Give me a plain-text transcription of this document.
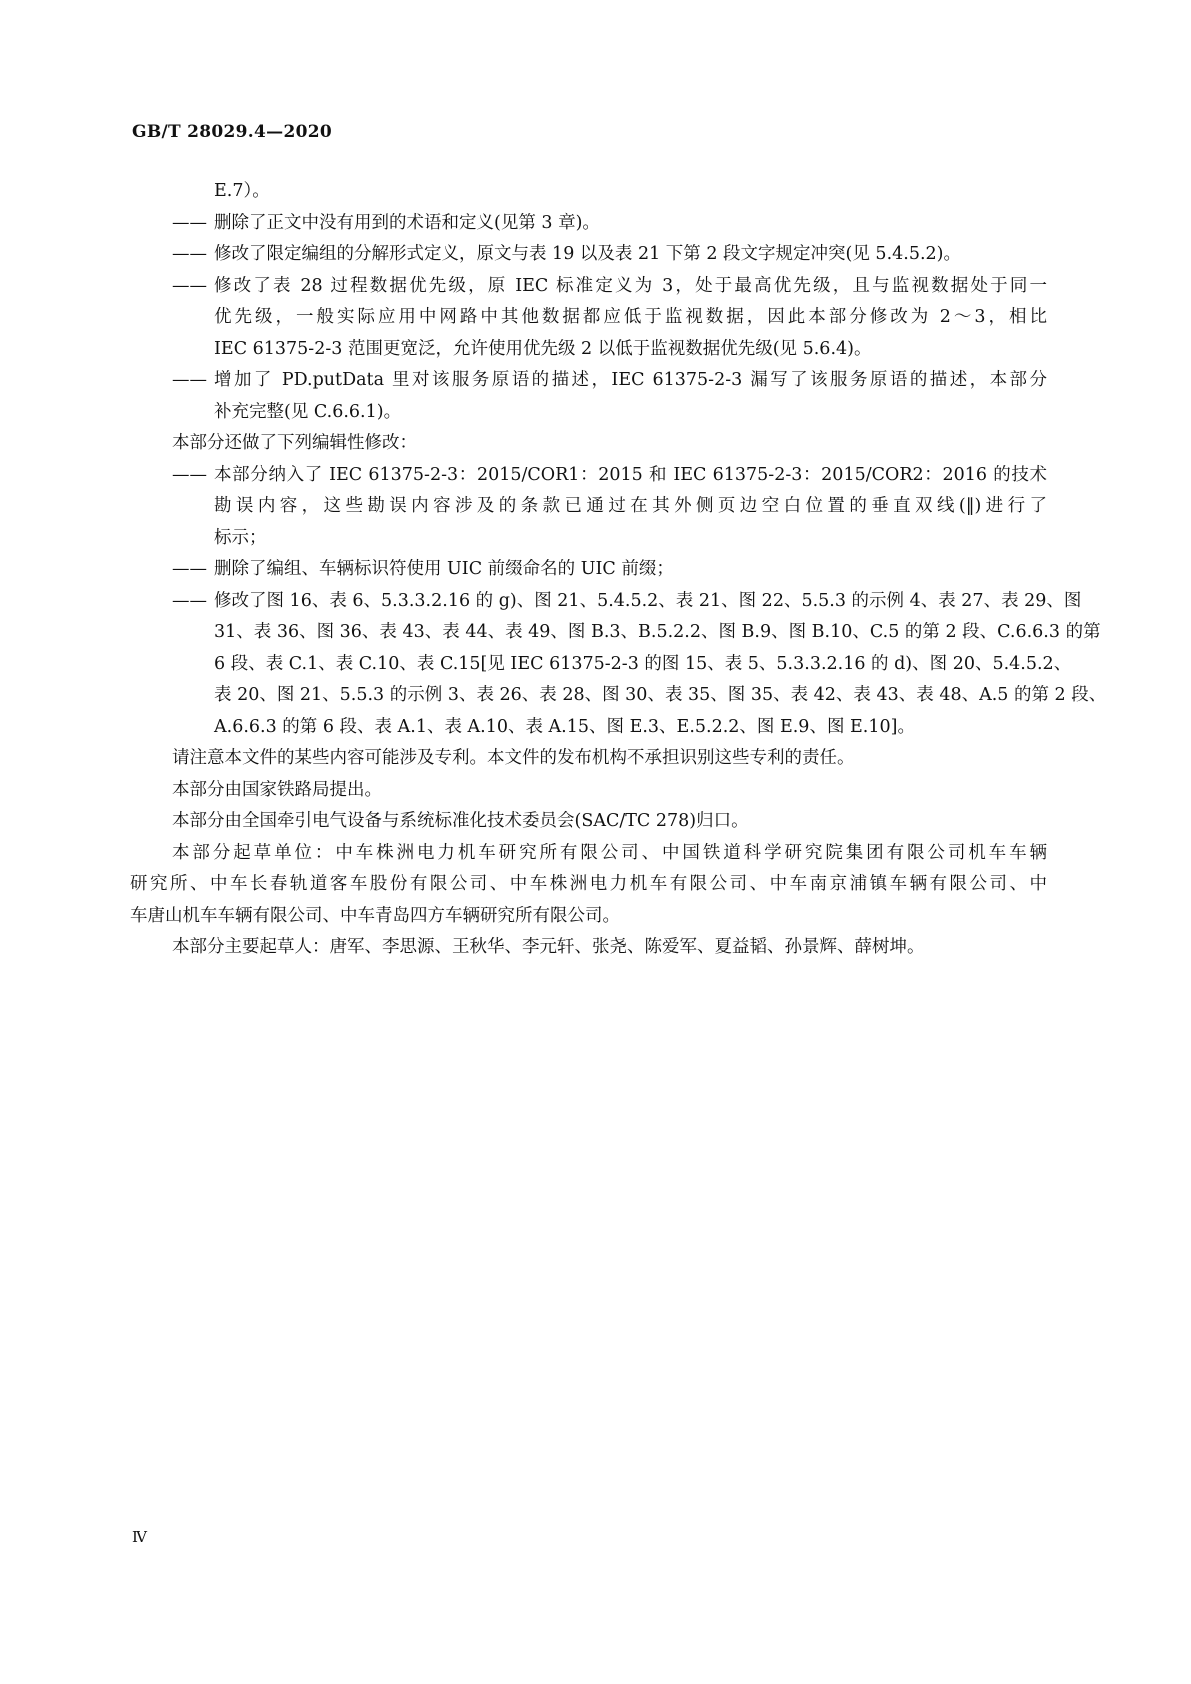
GB/T 28029.4—2020
E.7）。
—— 删除了正文中没有用到的术语和定义(见第 3 章)。
—— 修改了限定编组的分解形式定义，原文与表 19 以及表 21 下第 2 段文字规定冲突(见 5.4.5.2)。
—— 修改了表 28 过程数据优先级，原 IEC 标准定义为 3，处于最高优先级，且与监视数据处于同一
优先级，一般实际应用中网路中其他数据都应低于监视数据，因此本部分修改为 2～3，相比
IEC 61375-2-3 范围更宽泛，允许使用优先级 2 以低于监视数据优先级(见 5.6.4)。
—— 增加了 PD.putData 里对该服务原语的描述，IEC 61375-2-3 漏写了该服务原语的描述，本部分
补充完整(见 C.6.6.1)。
本部分还做了下列编辑性修改：
—— 本部分纳入了 IEC 61375-2-3：2015/COR1：2015 和 IEC 61375-2-3：2015/COR2：2016 的技术
勘误内容，这些勘误内容涉及的条款已通过在其外侧页边空白位置的垂直双线(‖)进行了
标示；
—— 删除了编组、车辆标识符使用 UIC 前缀命名的 UIC 前缀；
—— 修改了图 16、表 6、5.3.3.2.16 的 g)、图 21、5.4.5.2、表 21、图 22、5.5.3 的示例 4、表 27、表 29、图
31、表 36、图 36、表 43、表 44、表 49、图 B.3、B.5.2.2、图 B.9、图 B.10、C.5 的第 2 段、C.6.6.3 的第
6 段、表 C.1、表 C.10、表 C.15[见 IEC 61375-2-3 的图 15、表 5、5.3.3.2.16 的 d)、图 20、5.4.5.2、
表 20、图 21、5.5.3 的示例 3、表 26、表 28、图 30、表 35、图 35、表 42、表 43、表 48、A.5 的第 2 段、
A.6.6.3 的第 6 段、表 A.1、表 A.10、表 A.15、图 E.3、E.5.2.2、图 E.9、图 E.10]。
请注意本文件的某些内容可能涉及专利。本文件的发布机构不承担识别这些专利的责任。
本部分由国家铁路局提出。
本部分由全国牵引电气设备与系统标准化技术委员会(SAC/TC 278)归口。
本部分起草单位：中车株洲电力机车研究所有限公司、中国铁道科学研究院集团有限公司机车车辆
研究所、中车长春轨道客车股份有限公司、中车株洲电力机车有限公司、中车南京浦镇车辆有限公司、中
车唐山机车车辆有限公司、中车青岛四方车辆研究所有限公司。
本部分主要起草人：唐军、李思源、王秋华、李元轩、张尧、陈爱军、夏益韬、孙景辉、薛树坤。
Ⅳ
